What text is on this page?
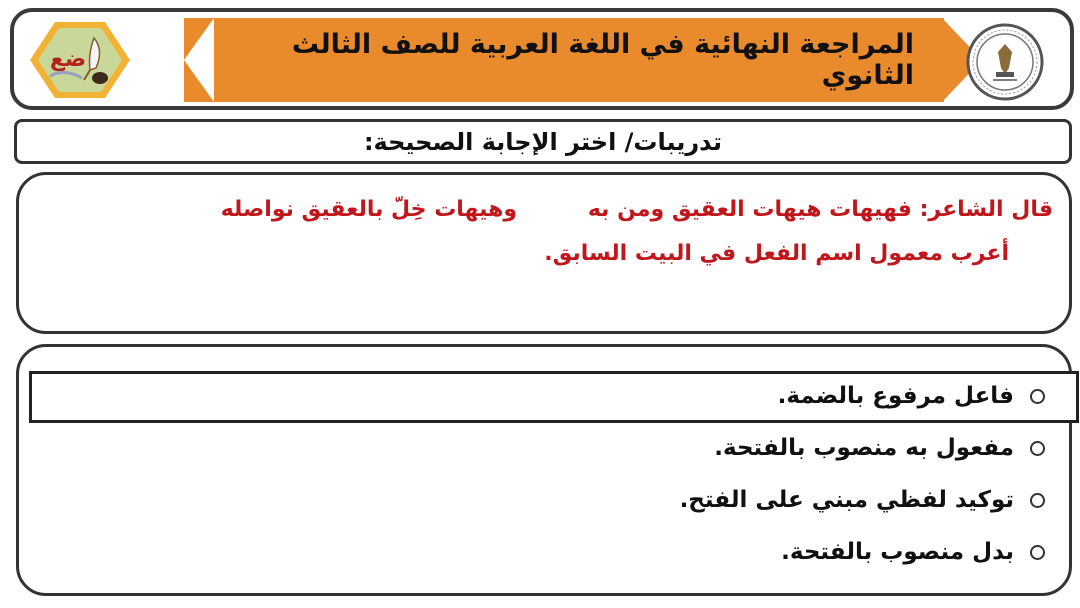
المراجعة النهائية في اللغة العربية للصف الثالث الثانوي
ضع
تدريبات/ اختر الإجابة الصحيحة:
قال الشاعر: فهيهات هيهات العقيق ومن به
وهيهات خِلّ بالعقيق نواصله
أعرب معمول اسم الفعل في البيت السابق.
فاعل مرفوع بالضمة.
مفعول به منصوب بالفتحة.
توكيد لفظي مبني على الفتح.
بدل منصوب بالفتحة.
